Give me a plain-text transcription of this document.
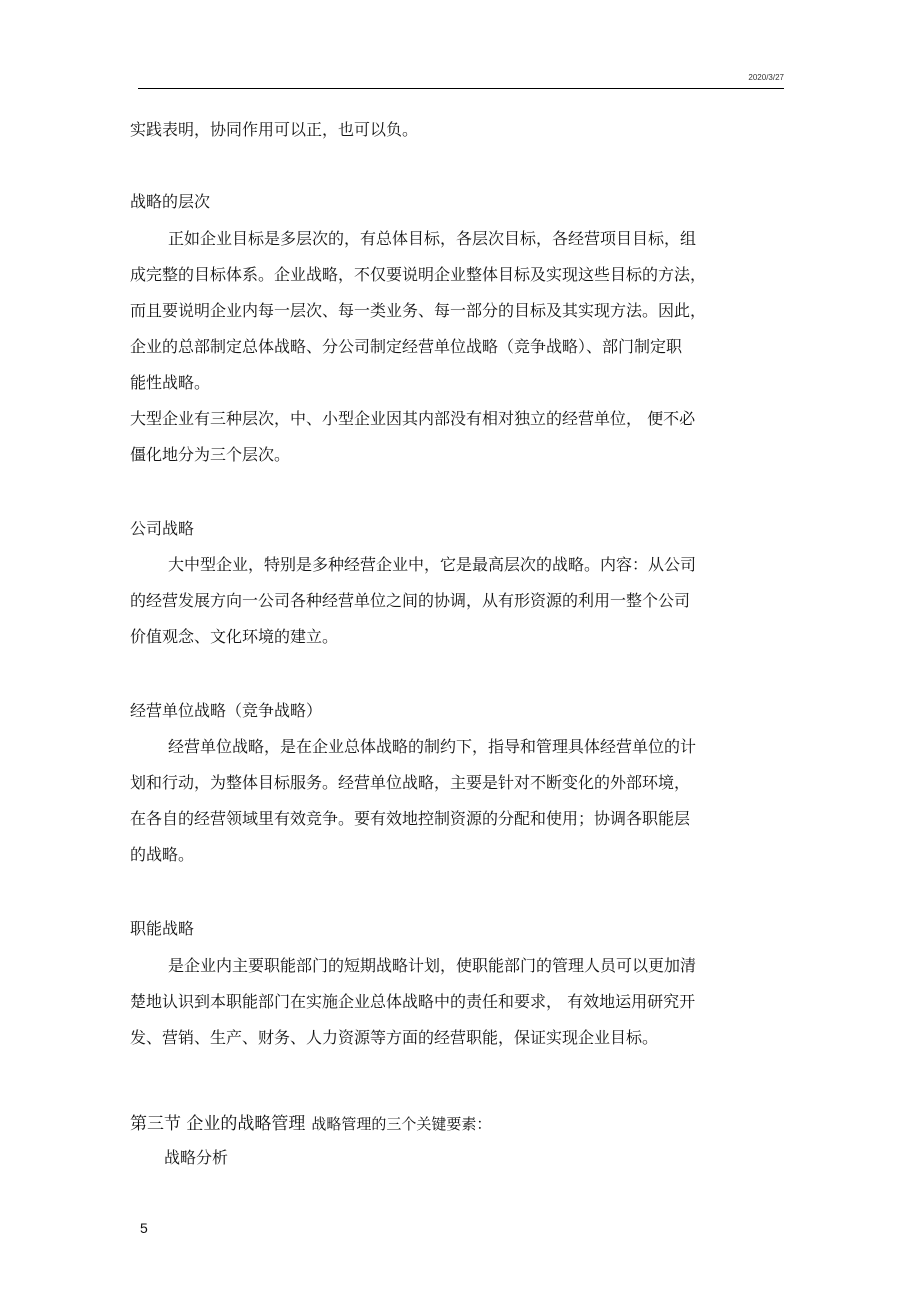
2020/3/27
实践表明，协同作用可以正，也可以负。
战略的层次
正如企业目标是多层次的，有总体目标，各层次目标，各经营项目目标，组
成完整的目标体系。企业战略，不仅要说明企业整体目标及实现这些目标的方法，
而且要说明企业内每一层次、每一类业务、每一部分的目标及其实现方法。因此，
企业的总部制定总体战略、分公司制定经营单位战略（竞争战略）、部门制定职
能性战略。
大型企业有三种层次，中、小型企业因其内部没有相对独立的经营单位， 便不必
僵化地分为三个层次。
公司战略
大中型企业，特别是多种经营企业中，它是最高层次的战略。内容：从公司
的经营发展方向一公司各种经营单位之间的协调，从有形资源的利用一整个公司
价值观念、文化环境的建立。
经营单位战略（竞争战略）
经营单位战略，是在企业总体战略的制约下，指导和管理具体经营单位的计
划和行动，为整体目标服务。经营单位战略，主要是针对不断变化的外部环境，
在各自的经营领域里有效竞争。要有效地控制资源的分配和使用；协调各职能层
的战略。
职能战略
是企业内主要职能部门的短期战略计划，使职能部门的管理人员可以更加清
楚地认识到本职能部门在实施企业总体战略中的责任和要求， 有效地运用研究开
发、营销、生产、财务、人力资源等方面的经营职能，保证实现企业目标。
第三节 企业的战略管理 战略管理的三个关键要素：
战略分析
5
